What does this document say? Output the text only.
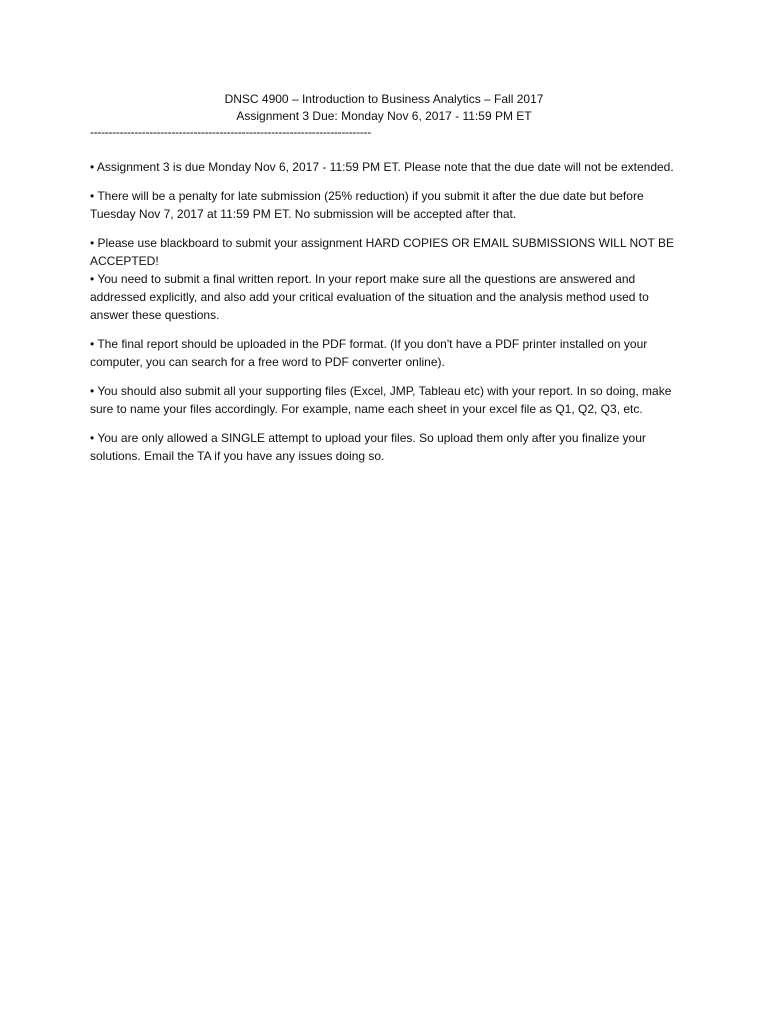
DNSC 4900 – Introduction to Business Analytics – Fall 2017
Assignment 3 Due: Monday Nov 6, 2017 - 11:59 PM ET
----------------------------------------------------------------------------

• Assignment 3 is due Monday Nov 6, 2017 - 11:59 PM ET. Please note that the due date will not be extended.

• There will be a penalty for late submission (25% reduction) if you submit it after the due date but before Tuesday Nov 7, 2017 at 11:59 PM ET. No submission will be accepted after that.

• Please use blackboard to submit your assignment HARD COPIES OR EMAIL SUBMISSIONS WILL NOT BE ACCEPTED!

• You need to submit a final written report. In your report make sure all the questions are answered and addressed explicitly, and also add your critical evaluation of the situation and the analysis method used to answer these questions.

• The final report should be uploaded in the PDF format. (If you don't have a PDF printer installed on your computer, you can search for a free word to PDF converter online).

• You should also submit all your supporting files (Excel, JMP, Tableau etc) with your report. In so doing, make sure to name your files accordingly. For example, name each sheet in your excel file as Q1, Q2, Q3, etc.

• You are only allowed a SINGLE attempt to upload your files. So upload them only after you finalize your solutions. Email the TA if you have any issues doing so.
